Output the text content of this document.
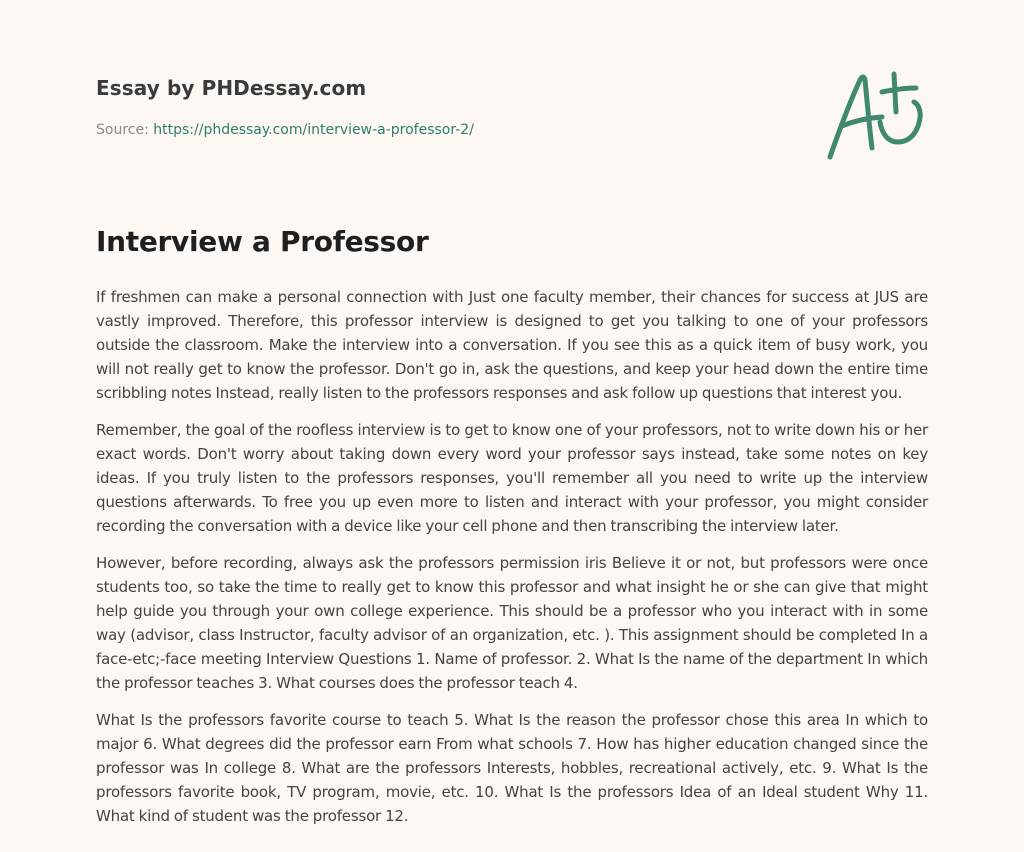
Essay by PHDessay.com
Source: https://phdessay.com/interview-a-professor-2/
Interview a Professor

If freshmen can make a personal connection with Just one faculty member, their chances for success at JUS are vastly improved. Therefore, this professor interview is designed to get you talking to one of your professors outside the classroom. Make the interview into a conversation. If you see this as a quick item of busy work, you will not really get to know the professor. Don't go in, ask the questions, and keep your head down the entire time scribbling notes Instead, really listen to the professors responses and ask follow up questions that interest you.

Remember, the goal of the roofless interview is to get to know one of your professors, not to write down his or her exact words. Don't worry about taking down every word your professor says instead, take some notes on key ideas. If you truly listen to the professors responses, you'll remember all you need to write up the interview questions afterwards. To free you up even more to listen and interact with your professor, you might consider recording the conversation with a device like your cell phone and then transcribing the interview later.

However, before recording, always ask the professors permission iris Believe it or not, but professors were once students too, so take the time to really get to know this professor and what insight he or she can give that might help guide you through your own college experience. This should be a professor who you interact with in some way (advisor, class Instructor, faculty advisor of an organization, etc. ). This assignment should be completed In a face-etc;-face meeting Interview Questions 1. Name of professor. 2. What Is the name of the department In which the professor teaches 3. What courses does the professor teach 4.

What Is the professors favorite course to teach 5. What Is the reason the professor chose this area In which to major 6. What degrees did the professor earn From what schools 7. How has higher education changed since the professor was In college 8. What are the professors Interests, hobbles, recreational actively, etc. 9. What Is the professors favorite book, TV program, movie, etc. 10. What Is the professors Idea of an Ideal student Why 11. What kind of student was the professor 12.
